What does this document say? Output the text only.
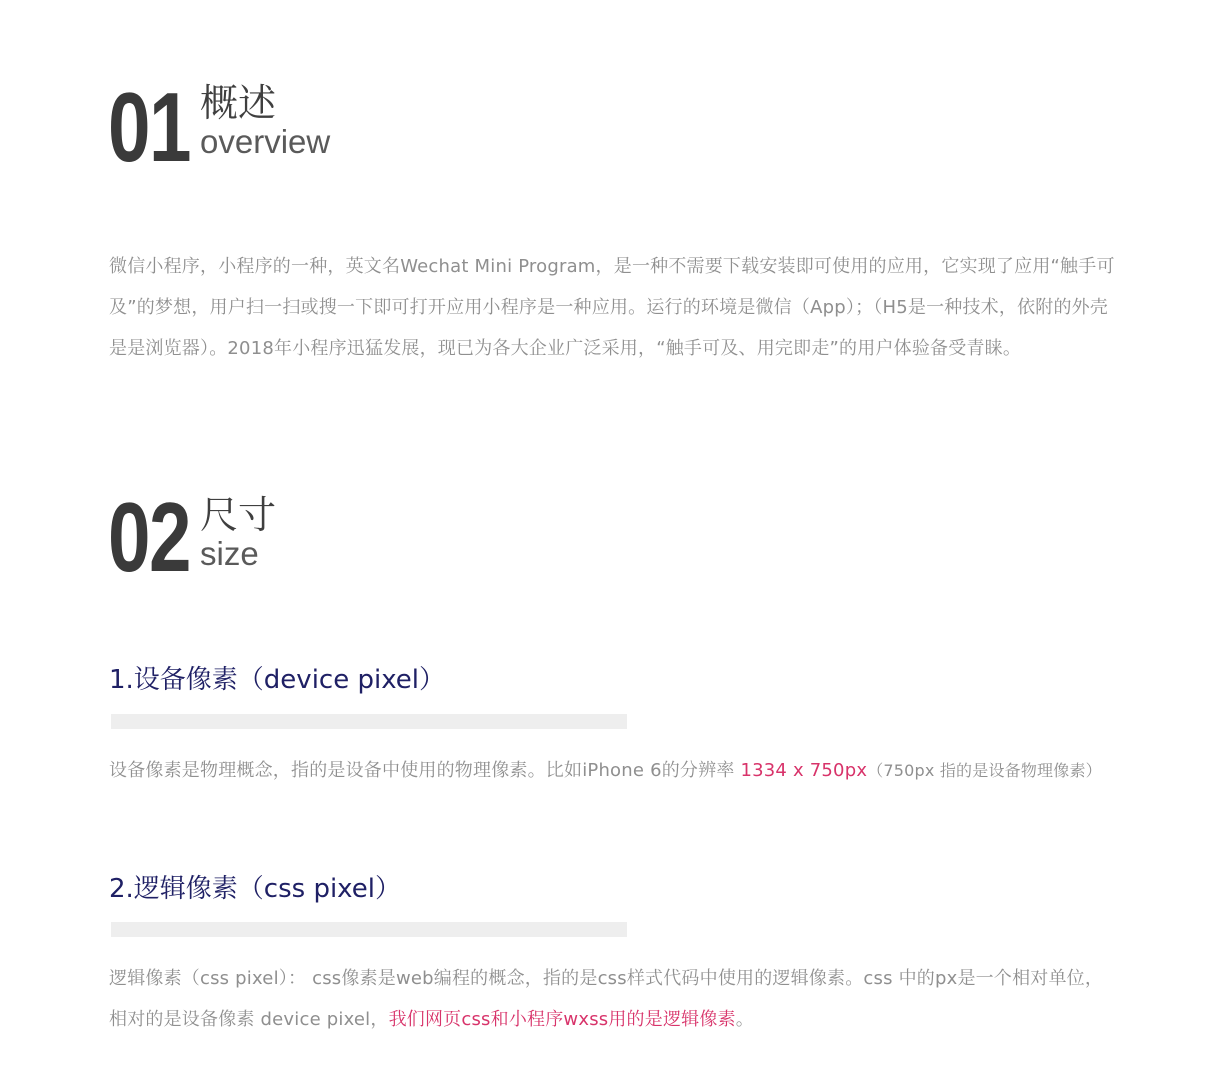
01 概述
overview

微信小程序，小程序的一种，英文名Wechat Mini Program，是一种不需要下载安装即可使用的应用，它实现了应用“触手可及”的梦想，用户扫一扫或搜一下即可打开应用小程序是一种应用。运行的环境是微信（App）；（H5是一种技术，依附的外壳是是浏览器）。2018年小程序迅猛发展，现已为各大企业广泛采用，“触手可及、用完即走”的用户体验备受青睐。

02 尺寸
size
1.设备像素（device pixel）

设备像素是物理概念，指的是设备中使用的物理像素。比如iPhone 6的分辨率 1334 x 750px（750px 指的是设备物理像素）

2.逻辑像素（css pixel）

逻辑像素（css pixel）： css像素是web编程的概念，指的是css样式代码中使用的逻辑像素。css 中的px是一个相对单位，相对的是设备像素 device pixel，我们网页css和小程序wxss用的是逻辑像素。
